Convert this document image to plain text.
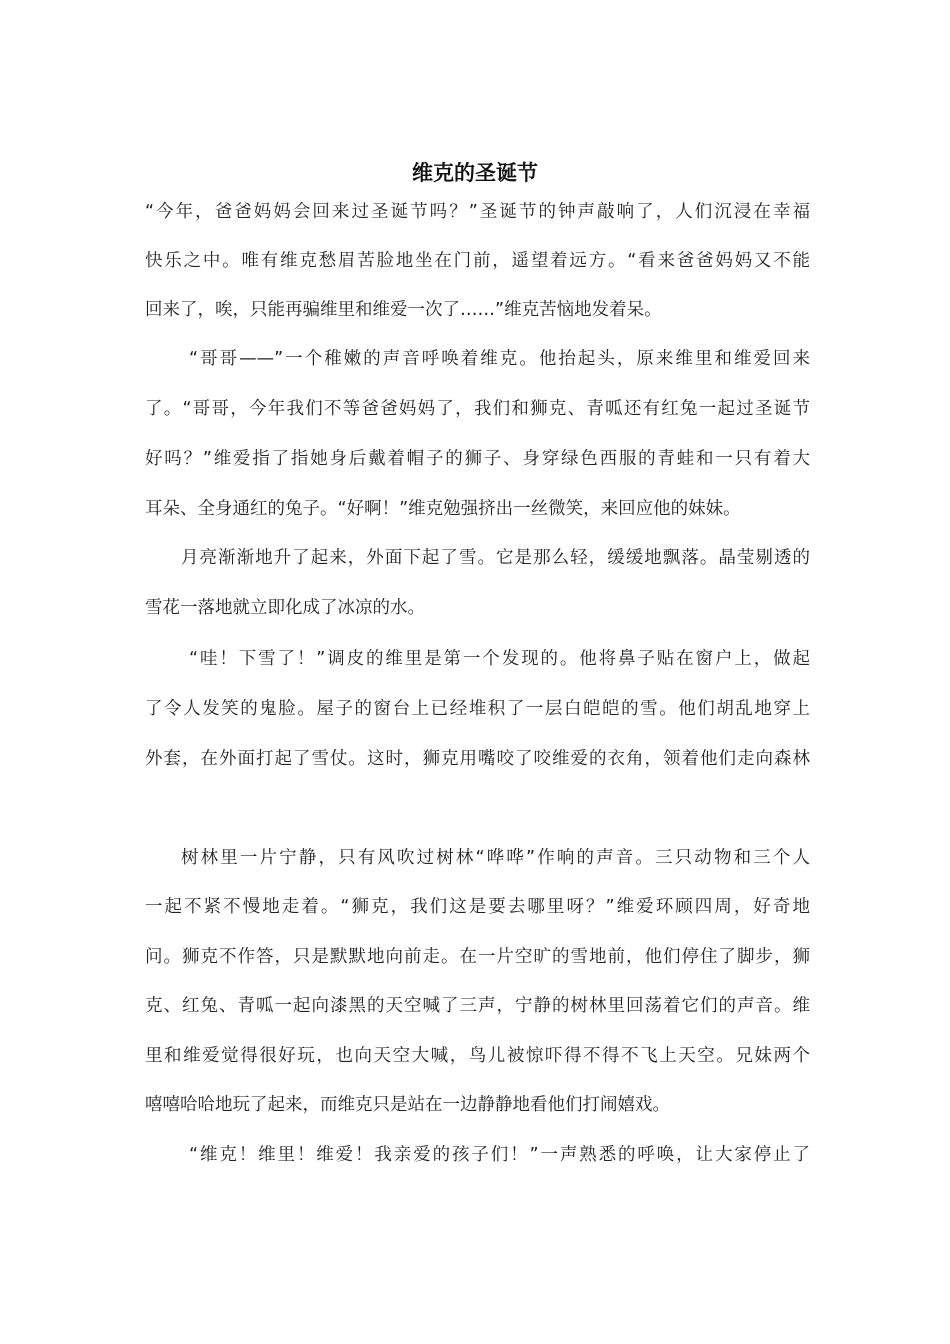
维克的圣诞节
“今年，爸爸妈妈会回来过圣诞节吗？”圣诞节的钟声敲响了，人们沉浸在幸福
快乐之中。唯有维克愁眉苦脸地坐在门前，遥望着远方。“看来爸爸妈妈又不能
回来了，唉，只能再骗维里和维爱一次了……”维克苦恼地发着呆。
“哥哥——”一个稚嫩的声音呼唤着维克。他抬起头，原来维里和维爱回来
了。“哥哥，今年我们不等爸爸妈妈了，我们和狮克、青呱还有红兔一起过圣诞节
好吗？”维爱指了指她身后戴着帽子的狮子、身穿绿色西服的青蛙和一只有着大
耳朵、全身通红的兔子。“好啊！”维克勉强挤出一丝微笑，来回应他的妹妹。
月亮渐渐地升了起来，外面下起了雪。它是那么轻，缓缓地飘落。晶莹剔透的
雪花一落地就立即化成了冰凉的水。
“哇！下雪了！”调皮的维里是第一个发现的。他将鼻子贴在窗户上，做起
了令人发笑的鬼脸。屋子的窗台上已经堆积了一层白皑皑的雪。他们胡乱地穿上
外套，在外面打起了雪仗。这时，狮克用嘴咬了咬维爱的衣角，领着他们走向森林
树林里一片宁静，只有风吹过树林“哗哗”作响的声音。三只动物和三个人
一起不紧不慢地走着。“狮克，我们这是要去哪里呀？”维爱环顾四周，好奇地
问。狮克不作答，只是默默地向前走。在一片空旷的雪地前，他们停住了脚步，狮
克、红兔、青呱一起向漆黑的天空喊了三声，宁静的树林里回荡着它们的声音。维
里和维爱觉得很好玩，也向天空大喊，鸟儿被惊吓得不得不飞上天空。兄妹两个
嘻嘻哈哈地玩了起来，而维克只是站在一边静静地看他们打闹嬉戏。
“维克！维里！维爱！我亲爱的孩子们！”一声熟悉的呼唤，让大家停止了
